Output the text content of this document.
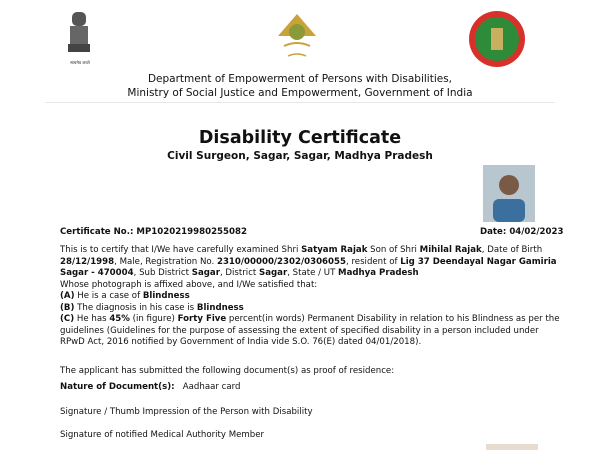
सत्यमेव जयते
Department of Empowerment of Persons with Disabilities,
Ministry of Social Justice and Empowerment, Government of India
Disability Certificate
Civil Surgeon, Sagar, Sagar, Madhya Pradesh
Certificate No.: MP1020219980255082	Date: 04/02/2023
This is to certify that I/We have carefully examined Shri Satyam Rajak Son of Shri Mihilal Rajak, Date of Birth 28/12/1998, Male, Registration No. 2310/00000/2302/0306055, resident of Lig 37 Deendayal Nagar Gamiria Sagar - 470004, Sub District Sagar, District Sagar, State / UT Madhya Pradesh
Whose photograph is affixed above, and I/We satisfied that:
(A) He is a case of Blindness
(B) The diagnosis in his case is Blindness
(C) He has 45% (in figure) Forty Five percent(in words) Permanent Disability in relation to his Blindness as per the guidelines (Guidelines for the purpose of assessing the extent of specified disability in a person included under RPwD Act, 2016 notified by Government of India vide S.O. 76(E) dated 04/01/2018).
The applicant has submitted the following document(s) as proof of residence:
Nature of Document(s): Aadhaar card
Signature / Thumb Impression of the Person with Disability
Signature of notified Medical Authority Member
